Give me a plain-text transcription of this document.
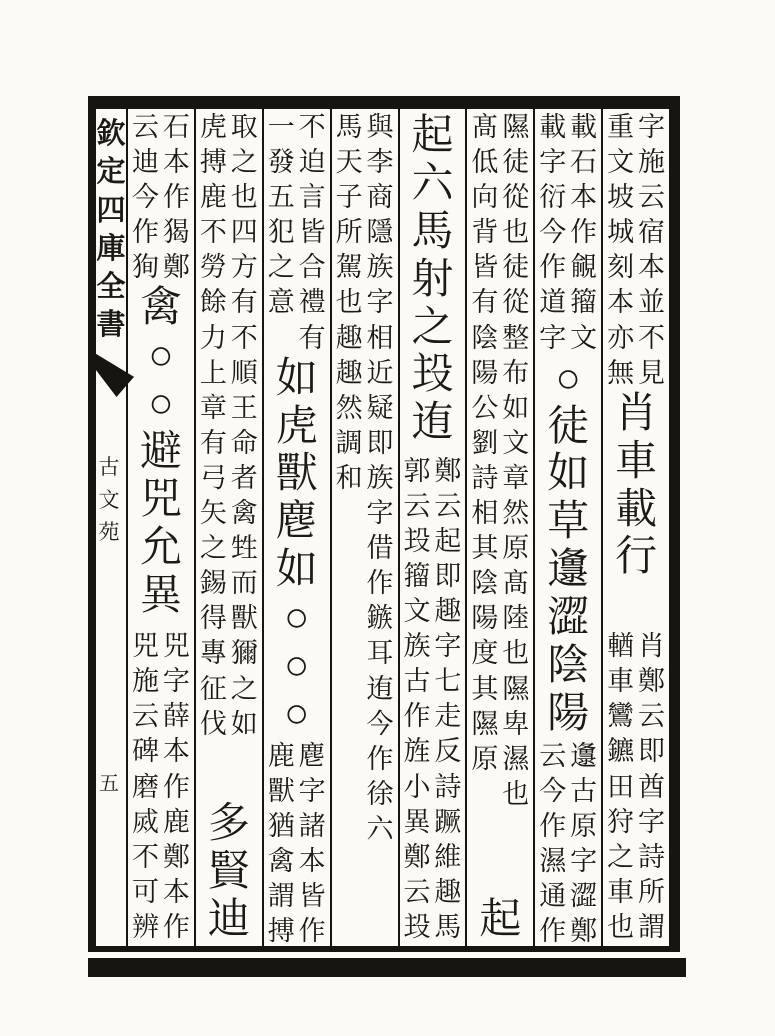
欽定四庫全書
古文苑
五
石本作猲鄭
云迪今作狥
禽○○避兕允異
兕字薛本作鹿鄭本作
兕施云碑磨烕不可辨
取之也四方有不順王命者禽甡而獸獮之如
虎搏鹿不勞餘力上章有弓矢之錫得專征伐
多賢迪
不迫言皆合禮有
一發五犯之意
如虎獸麀如○○○
麀字諸本皆作
鹿獸猶禽謂搏
與李商隱族字相近疑即族字借作鏃耳迶今作徐六
馬天子所駕也趣趣然調和
起六馬射之殶迶
鄭云起即趣字七走反詩蹶維趣馬
郭云殶籀文族古作旌小異鄭云殶
隰徒從也徒從整布如文章然原髙陸也隰卑濕也
髙低向背皆有陰陽公劉詩相其陰陽度其隰原
起
載石本作覦籀文
載字衍今作道字
○徒如草邍澀陰陽
邍古原字澀鄭
云今作濕通作
字施云宿本並不見
重文坡城刻本亦無
肖車載行
肖鄭云即酋字詩所謂
輶車鸞鑣田狩之車也
